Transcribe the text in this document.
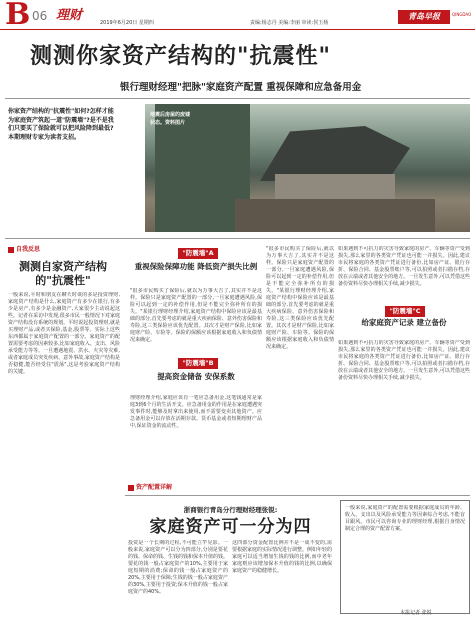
B 06 理财	2019年6月20日 星期四	责编:杨志丹 美编:李丽 审读:侯玉杨
青岛早报	QINGDAO
测测你家资产结构的"抗震性"
银行理财经理"把脉"家庭资产配置 重视保障和应急备用金
你家资产结构的"抗震性"如何?怎样才能为家庭资产筑起一道"防震墙"?是不是我们只要买了保险就可以把风险降到最低?本期理财专家为读者支招。
地震后房屋的废墟状态。资料图片
自我反思
测测自家资产结构的"抗震性"
一般来说,平时和朋友在聊天时谈的多是投资理财,家庭资产结构是什么,家庭资产有多少在银行,有多少是房产,有多少是金融资产,大家很少主动说起这些。记者在采访中发现,很多市民一般情况下对家庭资产结构没有系统的规划。平时说起投资理财,就是买理财产品,或者买保险,基金,股票等。实际上这些东西都属于家庭资产配置的一部分。家庭资产的配置需要考虑的因素较多,比如家庭收入、支出、风险承受能力等等。一旦遭遇地震、洪水、火灾等灾难,或者家庭成员突发疾病、意外事故,家庭资产结构是否稳健,能否经受住"震荡",这是考验家庭资产结构的关键。
"防震墙"A
重视保险保障功能 降低资产损失比例
"很多市民购买了保险后,就以为万事大吉了,其实并不是这样。保险只是家庭资产配置的一部分,一旦家庭遭遇风险,保险可以起到一定的补偿作用,但是不能完全弥补所有的损失。"某银行理财经理介绍,家庭资产结构中保险应该是最基础的部分,首先要考虑的就是重大疾病保险、意外伤害保险和寿险,这三类保险应该优先配置。其次才是财产保险,比如家庭财产险、车险等。保险的保额应该根据家庭收入和负债情况来确定。
"防震墙"B
提高资金储备 安保系数
理财经理介绍,家庭应该有一笔应急备用金,这笔钱通常是家庭3到6个月的生活开支。应急备用金的作用是在家庭遭遇突发事件时,能够及时拿出来使用,而不需要变卖其他资产。应急备用金可以存放在活期存款、货币基金或者短期理财产品中,保证资金的流动性。
"很多市民购买了保险后,就以为万事大吉了,其实并不是这样。保险只是家庭资产配置的一部分,一旦家庭遭遇风险,保险可以起到一定的补偿作用,但是不能完全弥补所有的损失。"某银行理财经理介绍,家庭资产结构中保险应该是最基础的部分,首先要考虑的就是重大疾病保险、意外伤害保险和寿险,这三类保险应该优先配置。其次才是财产保险,比如家庭财产险、车险等。保险的保额应该根据家庭收入和负债情况来确定。
如果遇到不可抗力的灾害导致家庭的房产、车辆等资产受到损失,那么家里的各类资产凭证也可能一并损失。因此,建议市民将家庭的各类资产凭证进行备份,比如房产证、银行存折、保险合同、基金股票账户等,可以拍照或者扫描存档,存放在云端或者其他安全的地方。一旦发生意外,可以凭借这些备份资料尽快办理相关手续,减少损失。
"防震墙"C
给家庭资产记录 建立备份
如果遇到不可抗力的灾害导致家庭的房产、车辆等资产受到损失,那么家里的各类资产凭证也可能一并损失。因此,建议市民将家庭的各类资产凭证进行备份,比如房产证、银行存折、保险合同、基金股票账户等,可以拍照或者扫描存档,存放在云端或者其他安全的地方。一旦发生意外,可以凭借这些备份资料尽快办理相关手续,减少损失。
资产配置详解
浙商银行青岛分行理财经理张锐:
家庭资产可一分为四
投资是一个长期的过程,不可能立竿见影。一般来说,家庭资产可以分为四部分,分别是要花的钱、保命的钱、生钱的钱和保本升值的钱。要花的钱一般占家庭资产的10%,主要用于家庭短期的消费;保命的钱一般占家庭资产的20%,主要用于保障;生钱的钱一般占家庭资产的30%,主要用于投资;保本升值的钱一般占家庭资产的40%。
这四部分资金配置比例并不是一成不变的,需要根据家庭的实际情况进行调整。例如年轻的家庭可以适当增加生钱的钱的比例,而中老年家庭则应该增加保本升值的钱的比例,以确保家庭资产的稳健增长。
一般来说,家庭资产的配置需要根据家庭成员的年龄、收入、支出以及风险承受能力等因素综合考虑,不能盲目跟风。市民可以咨询专业的理财经理,根据自身情况制定合理的资产配置方案。
本报记者 张锐
